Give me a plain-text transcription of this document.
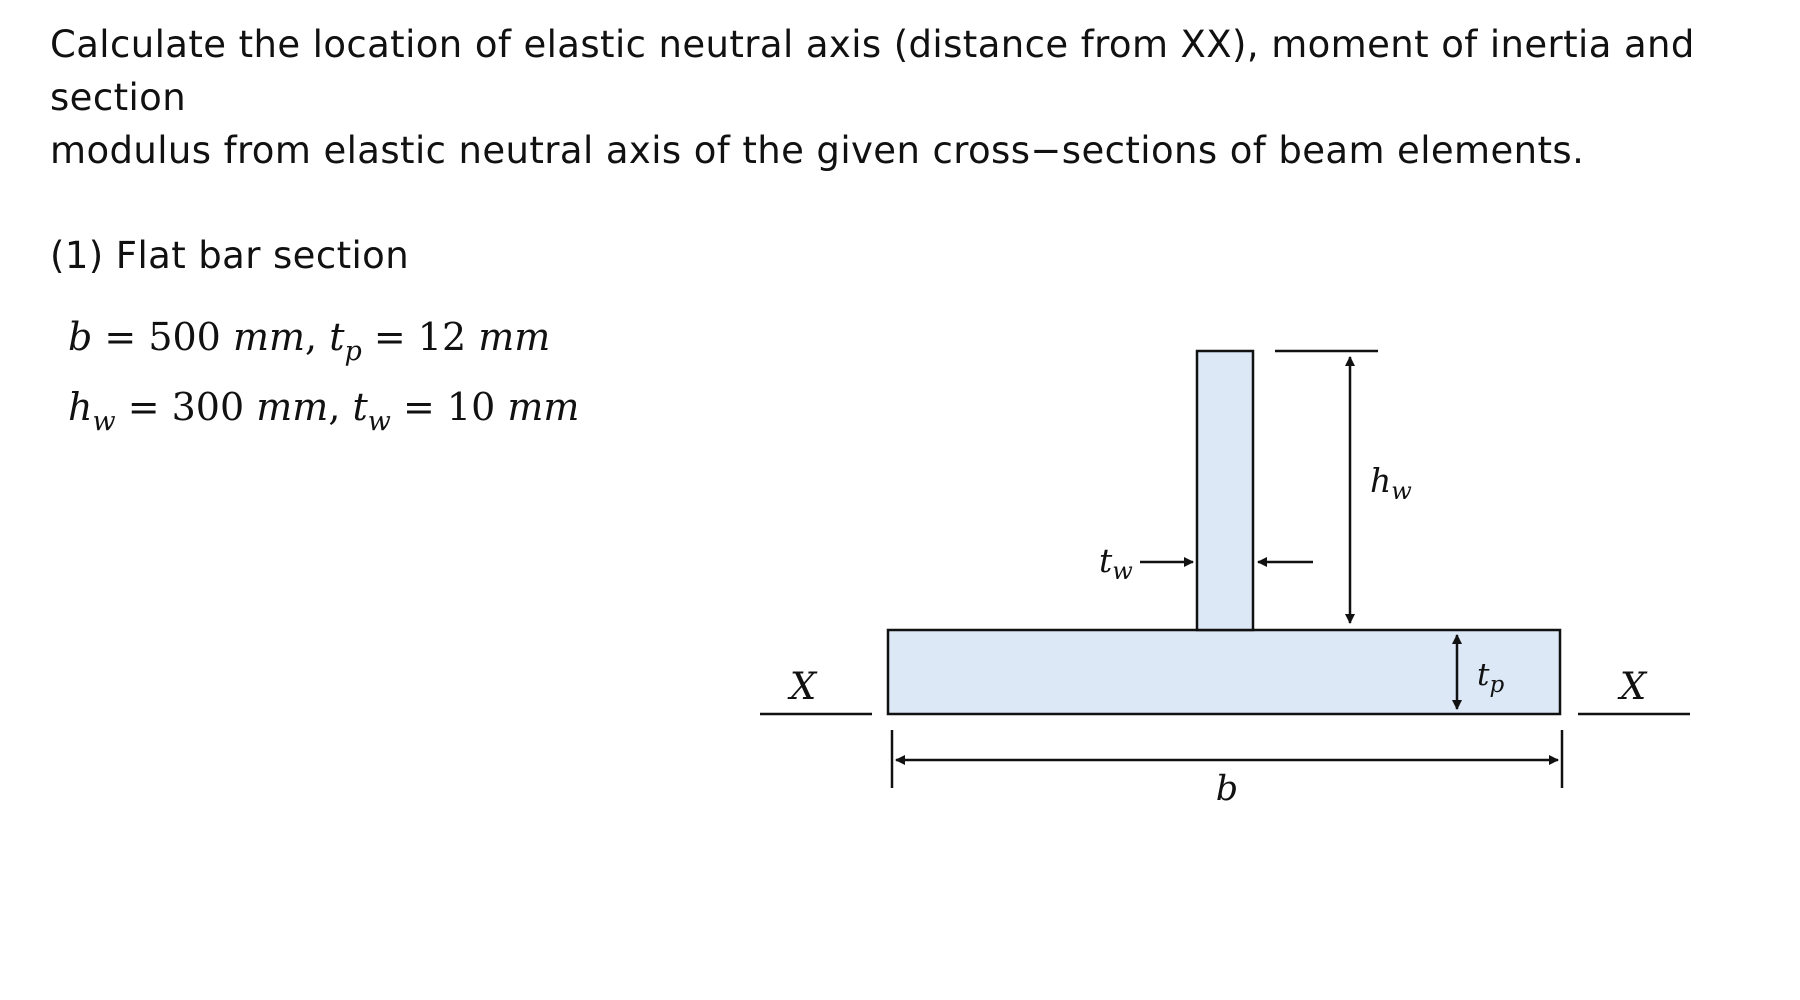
Calculate the location of elastic neutral axis (distance from XX), moment of inertia and section

modulus from elastic neutral axis of the given cross−sections of beam elements.

(1) Flat bar section
b = 500 mm, $t_p = 12$ mm
$h_w = 300$ mm, $t_w = 10$ mm
X	X
$h_w$
$t_w$
$t_p$
b
